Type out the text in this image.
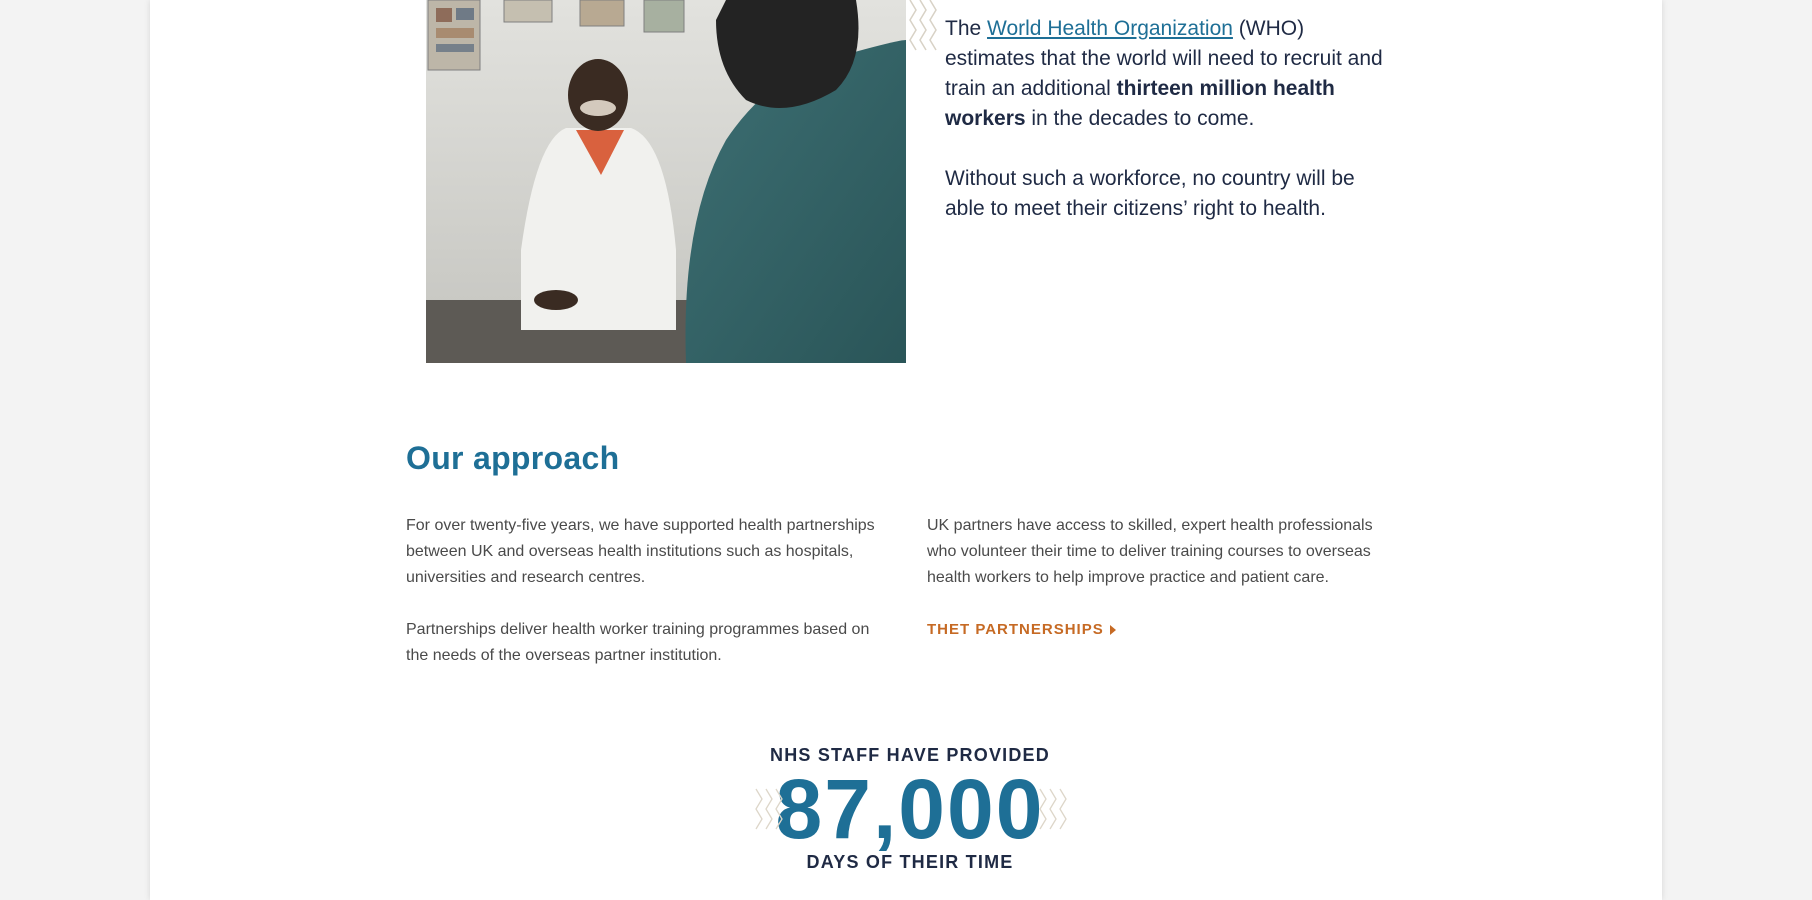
The World Health Organization (WHO) estimates that the world will need to recruit and train an additional thirteen million health workers in the decades to come.

Without such a workforce, no country will be able to meet their citizens’ right to health.

Our approach

For over twenty-five years, we have supported health partnerships between UK and overseas health institutions such as hospitals, universities and research centres.

Partnerships deliver health worker training programmes based on the needs of the overseas partner institution.

UK partners have access to skilled, expert health professionals who volunteer their time to deliver training courses to overseas health workers to help improve practice and patient care.

THET PARTNERSHIPS
NHS STAFF HAVE PROVIDED
87,000
DAYS OF THEIR TIME
